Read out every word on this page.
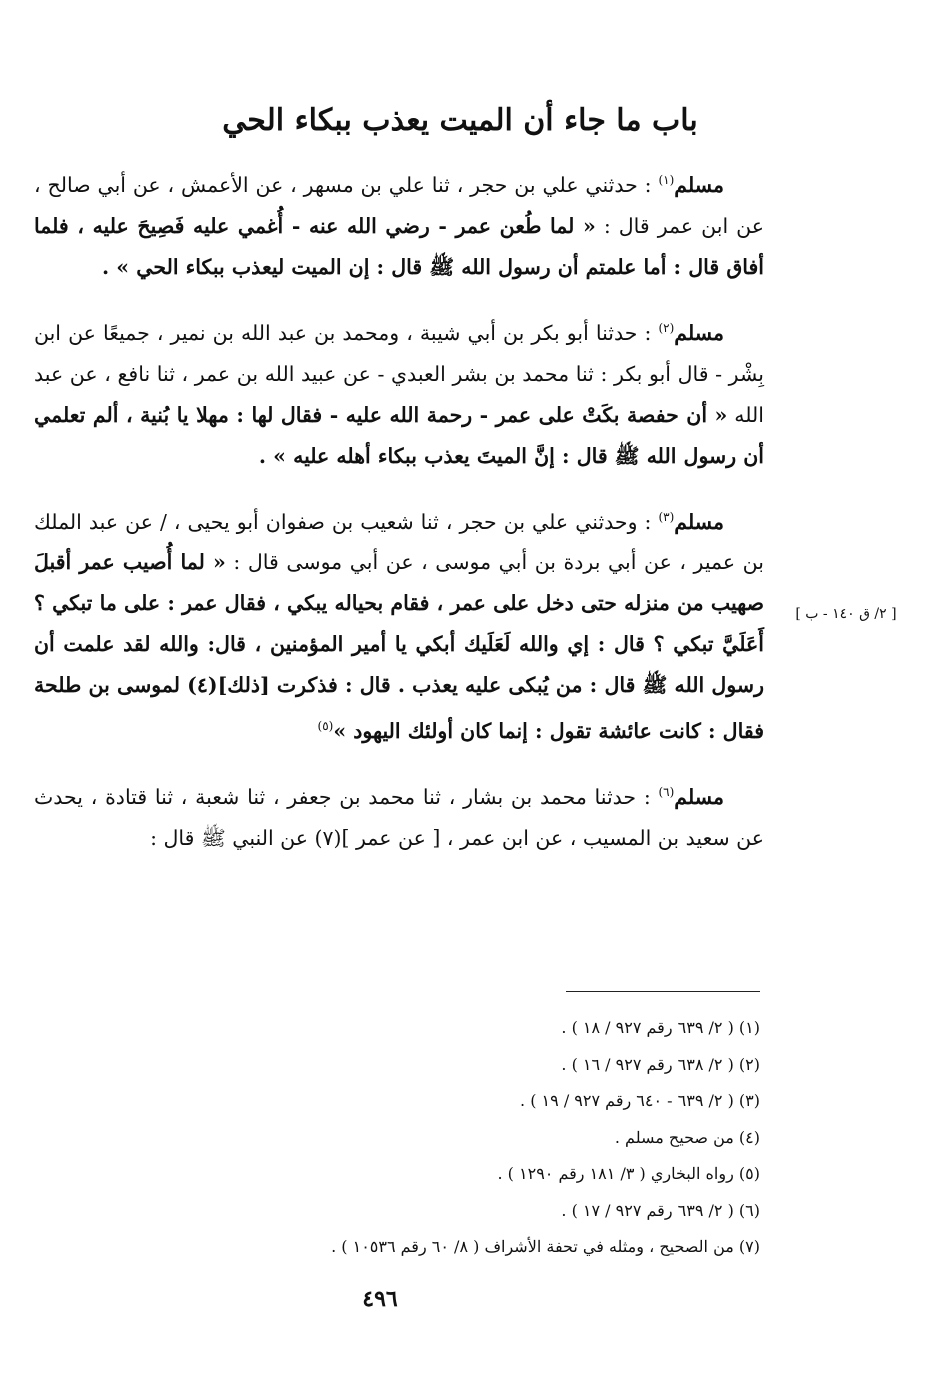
باب ما جاء أن الميت يعذب ببكاء الحي

مسلم$^{(١)}$ : حدثني علي بن حجر ، ثنا علي بن مسهر ، عن الأعمش ، عن أبي صالح ، عن ابن عمر قال : « لما طُعن عمر - رضي الله عنه - أُغمي عليه فَصِيحَ عليه ، فلما أفاق قال : أما علمتم أن رسول الله ﷺ قال : إن الميت ليعذب ببكاء الحي » .

مسلم$^{(٢)}$ : حدثنا أبو بكر بن أبي شيبة ، ومحمد بن عبد الله بن نمير ، جميعًا عن ابن بِشْر - قال أبو بكر : ثنا محمد بن بشر العبدي - عن عبيد الله بن عمر ، ثنا نافع ، عن عبد الله « أن حفصة بكَتْ على عمر - رحمة الله عليه - فقال لها : مهلا يا بُنية ، ألم تعلمي أن رسول الله ﷺ قال : إنَّ الميتَ يعذب ببكاء أهله عليه » .

مسلم$^{(٣)}$ : وحدثني علي بن حجر ، ثنا شعيب بن صفوان أبو يحيى ، / عن عبد الملك بن عمير ، عن أبي بردة بن أبي موسى ، عن أبي موسى قال : « لما أُصيب عمر أقبلَ صهيب من منزله حتى دخل على عمر ، فقام بحياله يبكي ، فقال عمر : على ما تبكي ؟ أَعَلَيَّ تبكي ؟ قال : إي والله لَعَلَيك أبكي يا أمير المؤمنين ، قال: والله لقد علمت أن رسول الله ﷺ قال : من يُبكى عليه يعذب . قال : فذكرت [ذلك](٤) لموسى بن طلحة فقال : كانت عائشة تقول : إنما كان أولئك اليهود »$^{(٥)}$

مسلم$^{(٦)}$ : حدثنا محمد بن بشار ، ثنا محمد بن جعفر ، ثنا شعبة ، ثنا قتادة ، يحدث عن سعيد بن المسيب ، عن ابن عمر ، [ عن عمر ](٧) عن النبي ﷺ قال :

[ ٢/ ق ١٤٠ - ب ]

(١) ( ٢/ ٦٣٩ رقم ٩٢٧ / ١٨ ) .

(٢) ( ٢/ ٦٣٨ رقم ٩٢٧ / ١٦ ) .

(٣) ( ٢/ ٦٣٩ - ٦٤٠ رقم ٩٢٧ / ١٩ ) .

(٤) من صحيح مسلم .

(٥) رواه البخاري ( ٣/ ١٨١ رقم ١٢٩٠ ) .

(٦) ( ٢/ ٦٣٩ رقم ٩٢٧ / ١٧ ) .

(٧) من الصحيح ، ومثله في تحفة الأشراف ( ٨/ ٦٠ رقم ١٠٥٣٦ ) .

٤٩٦
